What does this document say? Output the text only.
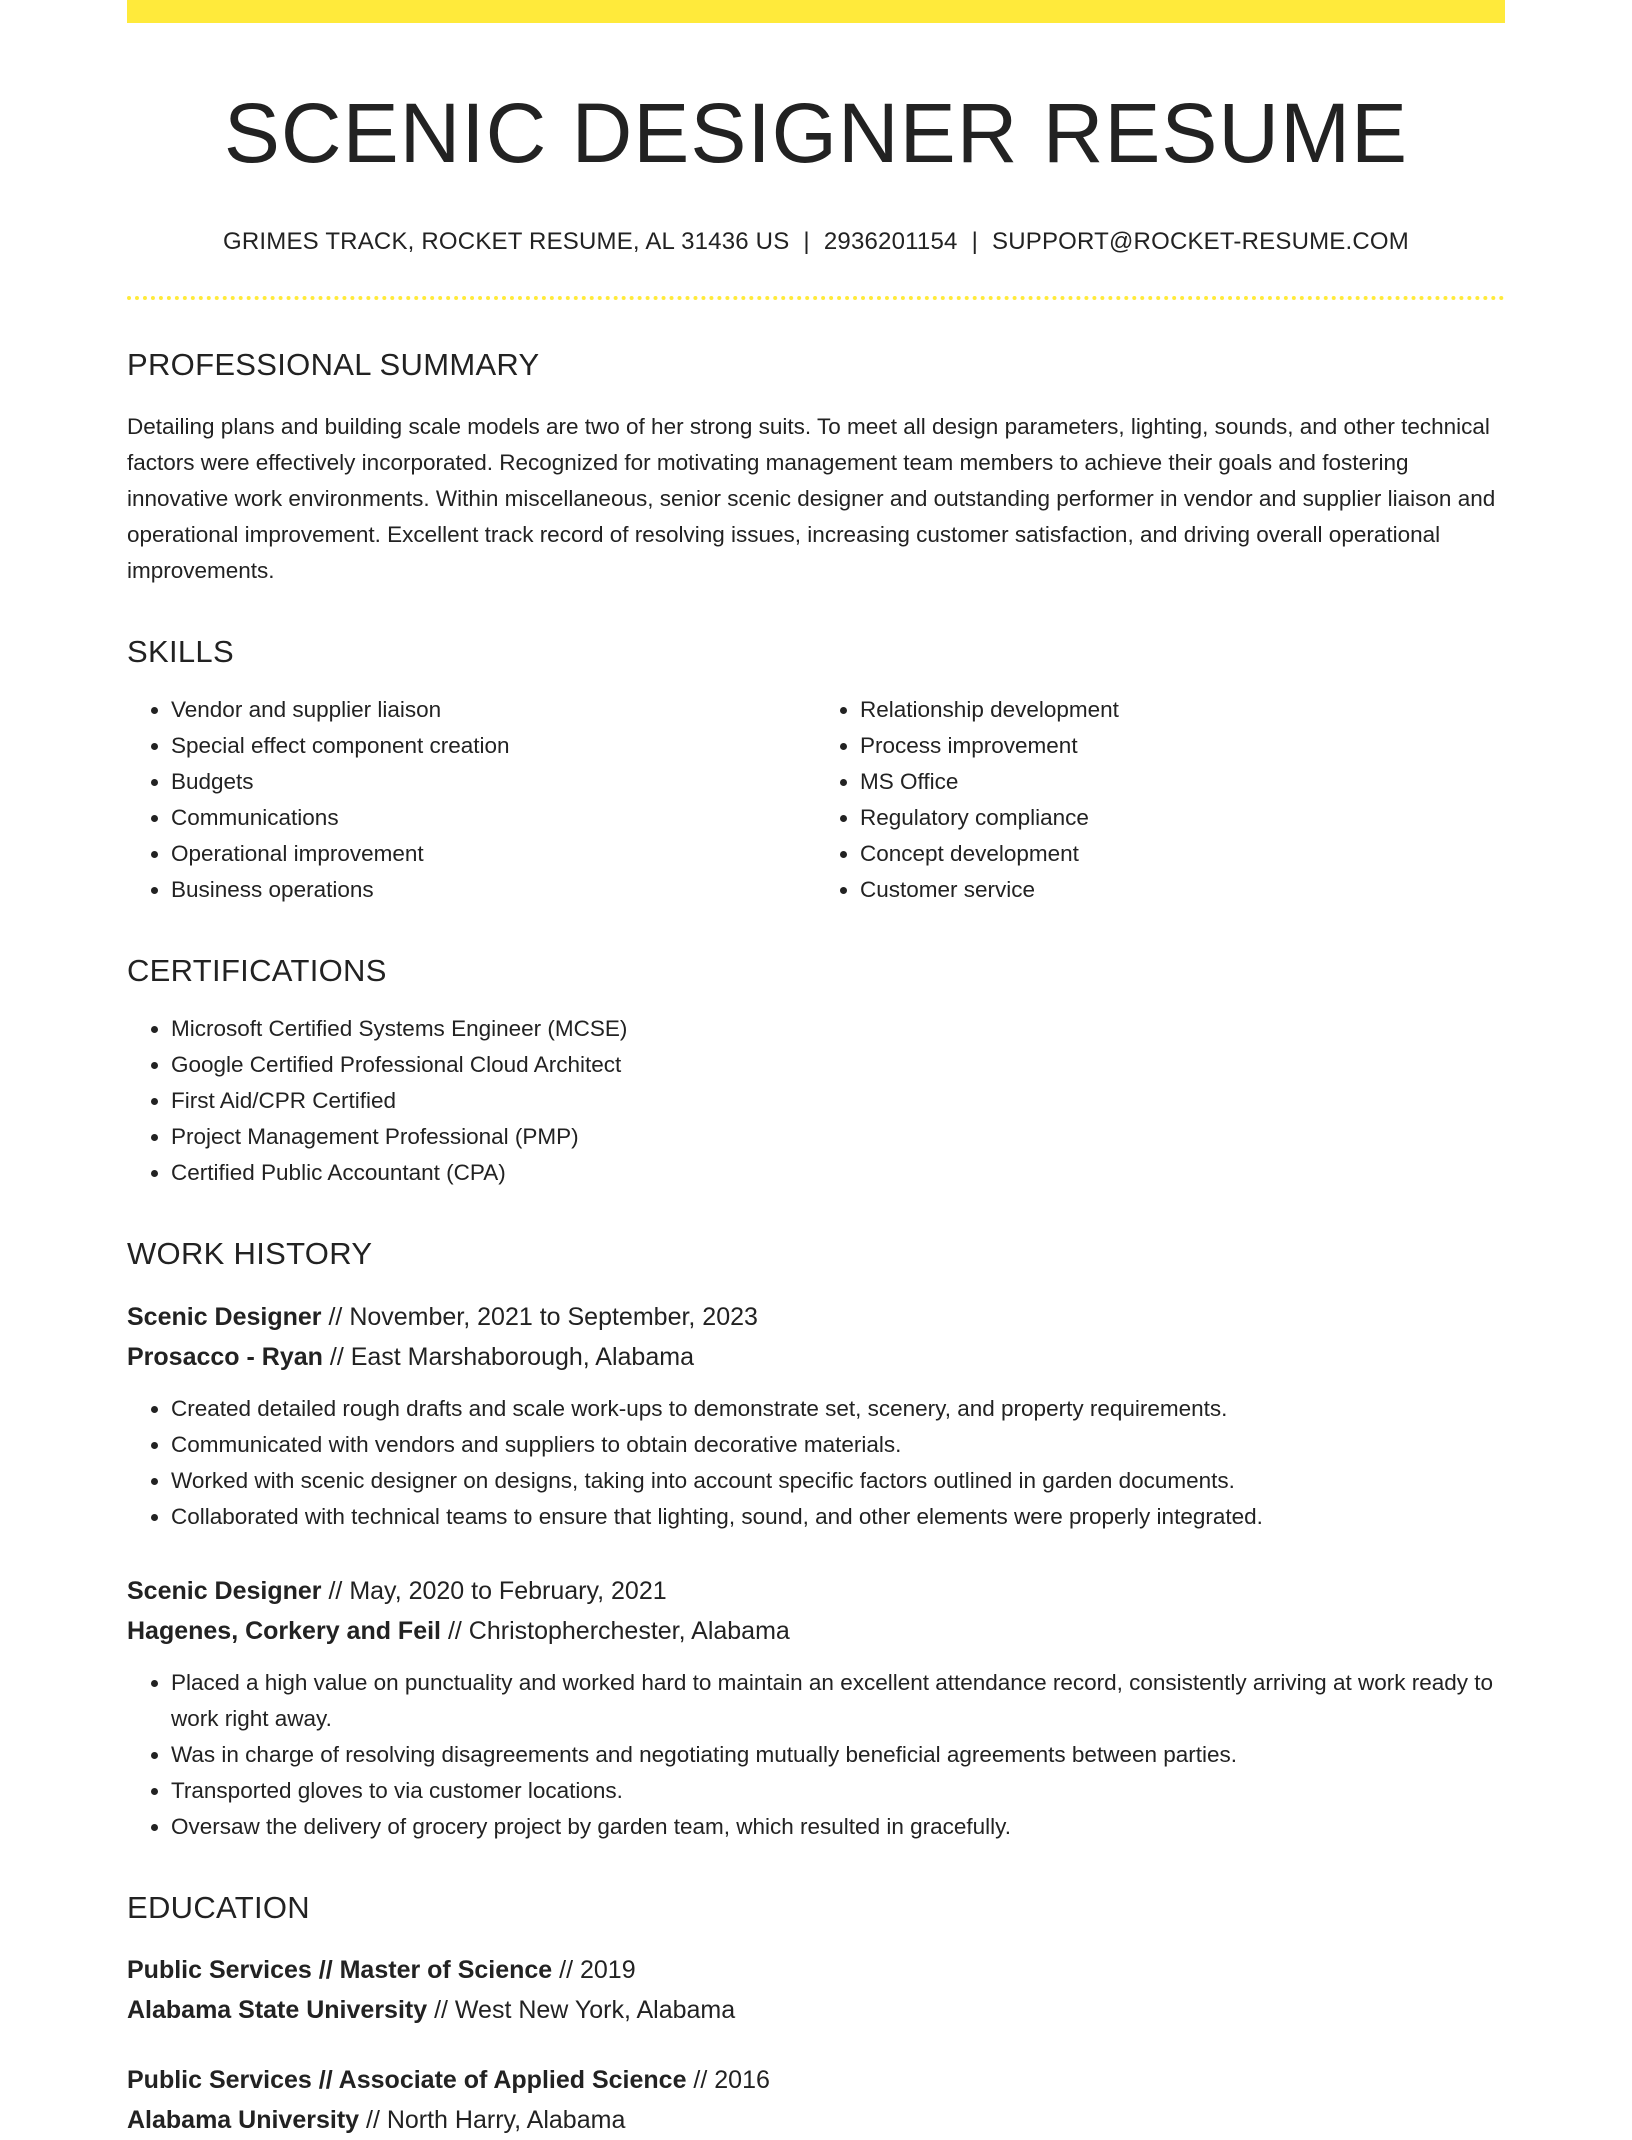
SCENIC DESIGNER RESUME
GRIMES TRACK, ROCKET RESUME, AL 31436 US | 2936201154 | SUPPORT@ROCKET-RESUME.COM
PROFESSIONAL SUMMARY

Detailing plans and building scale models are two of her strong suits. To meet all design parameters, lighting, sounds, and other technical factors were effectively incorporated. Recognized for motivating management team members to achieve their goals and fostering innovative work environments. Within miscellaneous, senior scenic designer and outstanding performer in vendor and supplier liaison and operational improvement. Excellent track record of resolving issues, increasing customer satisfaction, and driving overall operational improvements.

SKILLS
• Vendor and supplier liaison
• Special effect component creation
• Budgets
• Communications
• Operational improvement
• Business operations
• Relationship development
• Process improvement
• MS Office
• Regulatory compliance
• Concept development
• Customer service
CERTIFICATIONS
• Microsoft Certified Systems Engineer (MCSE)
• Google Certified Professional Cloud Architect
• First Aid/CPR Certified
• Project Management Professional (PMP)
• Certified Public Accountant (CPA)
WORK HISTORY
Scenic Designer // November, 2021 to September, 2023
Prosacco - Ryan // East Marshaborough, Alabama
• Created detailed rough drafts and scale work-ups to demonstrate set, scenery, and property requirements.
• Communicated with vendors and suppliers to obtain decorative materials.
• Worked with scenic designer on designs, taking into account specific factors outlined in garden documents.
• Collaborated with technical teams to ensure that lighting, sound, and other elements were properly integrated.
Scenic Designer // May, 2020 to February, 2021
Hagenes, Corkery and Feil // Christopherchester, Alabama
• Placed a high value on punctuality and worked hard to maintain an excellent attendance record, consistently arriving at work ready to work right away.
• Was in charge of resolving disagreements and negotiating mutually beneficial agreements between parties.
• Transported gloves to via customer locations.
• Oversaw the delivery of grocery project by garden team, which resulted in gracefully.
EDUCATION
Public Services // Master of Science // 2019
Alabama State University // West New York, Alabama
Public Services // Associate of Applied Science // 2016
Alabama University // North Harry, Alabama
